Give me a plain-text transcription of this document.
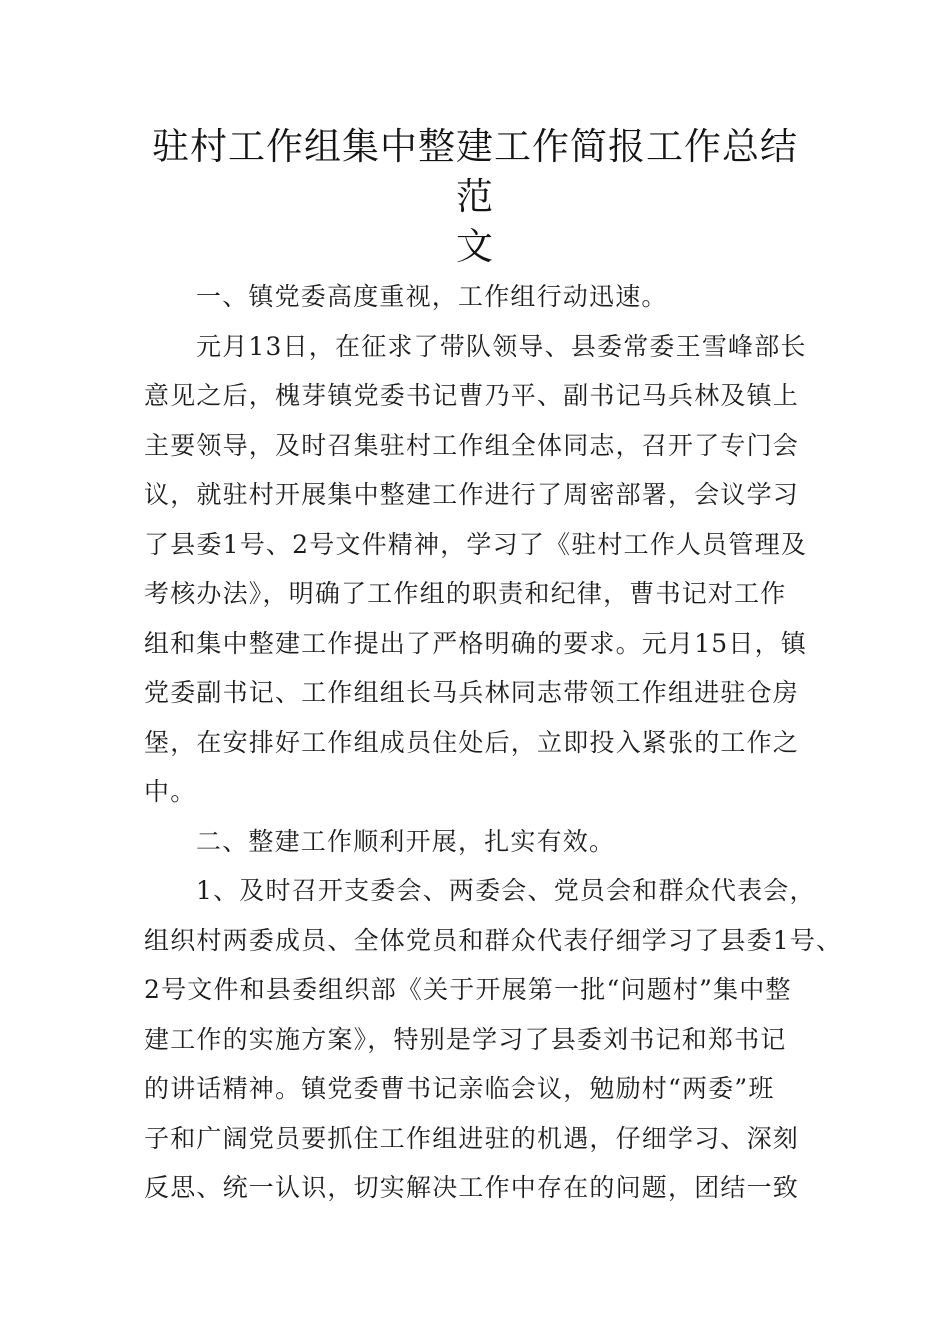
驻村工作组集中整建工作简报工作总结范
文
一、镇党委高度重视，工作组行动迅速。
元月13日，在征求了带队领导、县委常委王雪峰部长
意见之后，槐芽镇党委书记曹乃平、副书记马兵林及镇上
主要领导，及时召集驻村工作组全体同志，召开了专门会
议，就驻村开展集中整建工作进行了周密部署，会议学习
了县委1号、2号文件精神，学习了《驻村工作人员管理及
考核办法》，明确了工作组的职责和纪律，曹书记对工作
组和集中整建工作提出了严格明确的要求。元月15日，镇
党委副书记、工作组组长马兵林同志带领工作组进驻仓房
堡，在安排好工作组成员住处后，立即投入紧张的工作之
中。
二、整建工作顺利开展，扎实有效。
1、及时召开支委会、两委会、党员会和群众代表会，
组织村两委成员、全体党员和群众代表仔细学习了县委1号、
2号文件和县委组织部《关于开展第一批“问题村”集中整
建工作的实施方案》，特别是学习了县委刘书记和郑书记
的讲话精神。镇党委曹书记亲临会议，勉励村“两委”班
子和广阔党员要抓住工作组进驻的机遇，仔细学习、深刻
反思、统一认识，切实解决工作中存在的问题，团结一致
